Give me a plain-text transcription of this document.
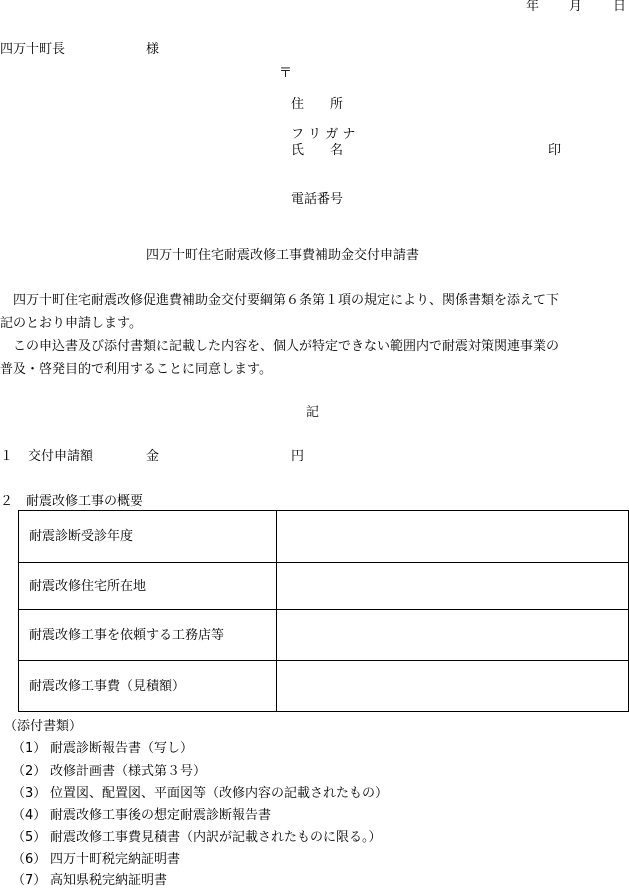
年 月 日
四万十町長	様
〒
住　　所
フ リ ガ ナ
氏　　名	印
電話番号
四万十町住宅耐震改修工事費補助金交付申請書
　四万十町住宅耐震改修促進費補助金交付要綱第６条第１項の規定により、関係書類を添えて下
記のとおり申請します。
　この申込書及び添付書類に記載した内容を、個人が特定できない範囲内で耐震対策関連事業の
普及・啓発目的で利用することに同意します。
記
１ 交付申請額	金	円
２　耐震改修工事の概要
耐震診断受診年度	
耐震改修住宅所在地	
耐震改修工事を依頼する工務店等	
耐震改修工事費（見積額）	
（添付書類）
（1） 耐震診断報告書（写し）
（2） 改修計画書（様式第３号）
（3） 位置図、配置図、平面図等（改修内容の記載されたもの）
（4） 耐震改修工事後の想定耐震診断報告書
（5） 耐震改修工事費見積書（内訳が記載されたものに限る。）
（6） 四万十町税完納証明書
（7） 高知県税完納証明書
